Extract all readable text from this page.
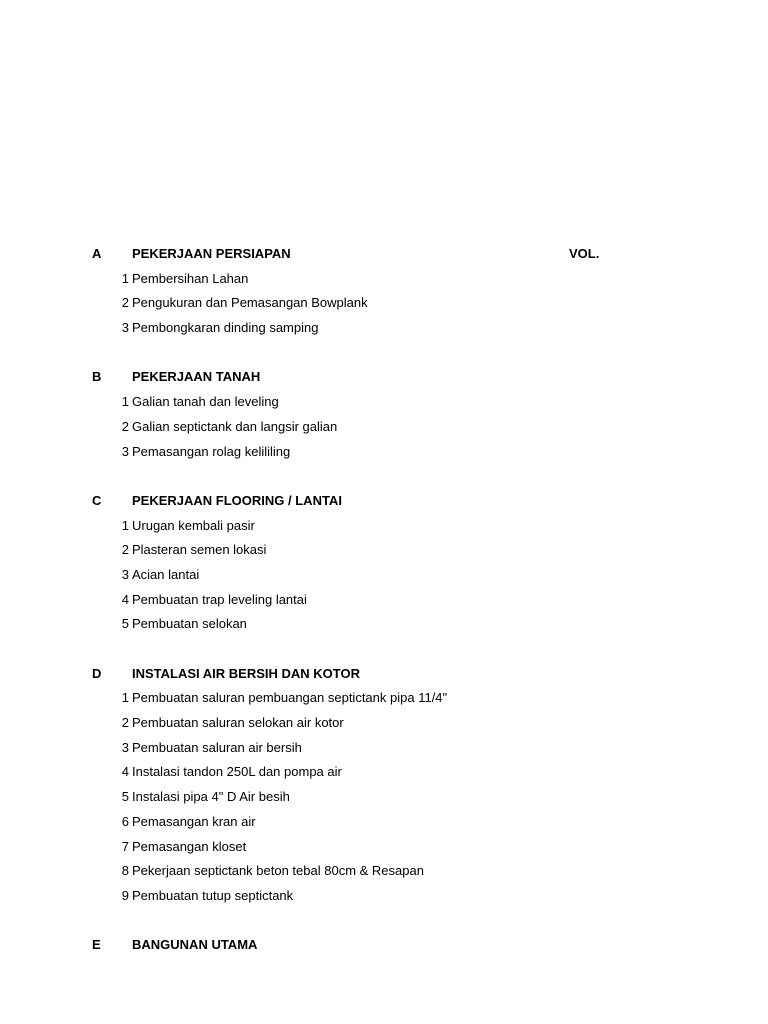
A PEKERJAAN PERSIAPAN	VOL.
1 Pembersihan Lahan
2 Pengukuran dan Pemasangan Bowplank
3 Pembongkaran dinding samping
B PEKERJAAN TANAH
1 Galian tanah dan leveling
2 Galian septictank dan langsir galian
3 Pemasangan rolag kelililing
C PEKERJAAN FLOORING / LANTAI
1 Urugan kembali pasir
2 Plasteran semen lokasi
3 Acian lantai
4 Pembuatan trap leveling lantai
5 Pembuatan selokan
D INSTALASI AIR BERSIH DAN KOTOR
1 Pembuatan saluran pembuangan septictank pipa 11/4"
2 Pembuatan saluran selokan air kotor
3 Pembuatan saluran air bersih
4 Instalasi tandon 250L dan pompa air
5 Instalasi pipa 4" D Air besih
6 Pemasangan kran air
7 Pemasangan kloset
8 Pekerjaan septictank beton tebal 80cm & Resapan
9 Pembuatan tutup septictank
E BANGUNAN UTAMA
